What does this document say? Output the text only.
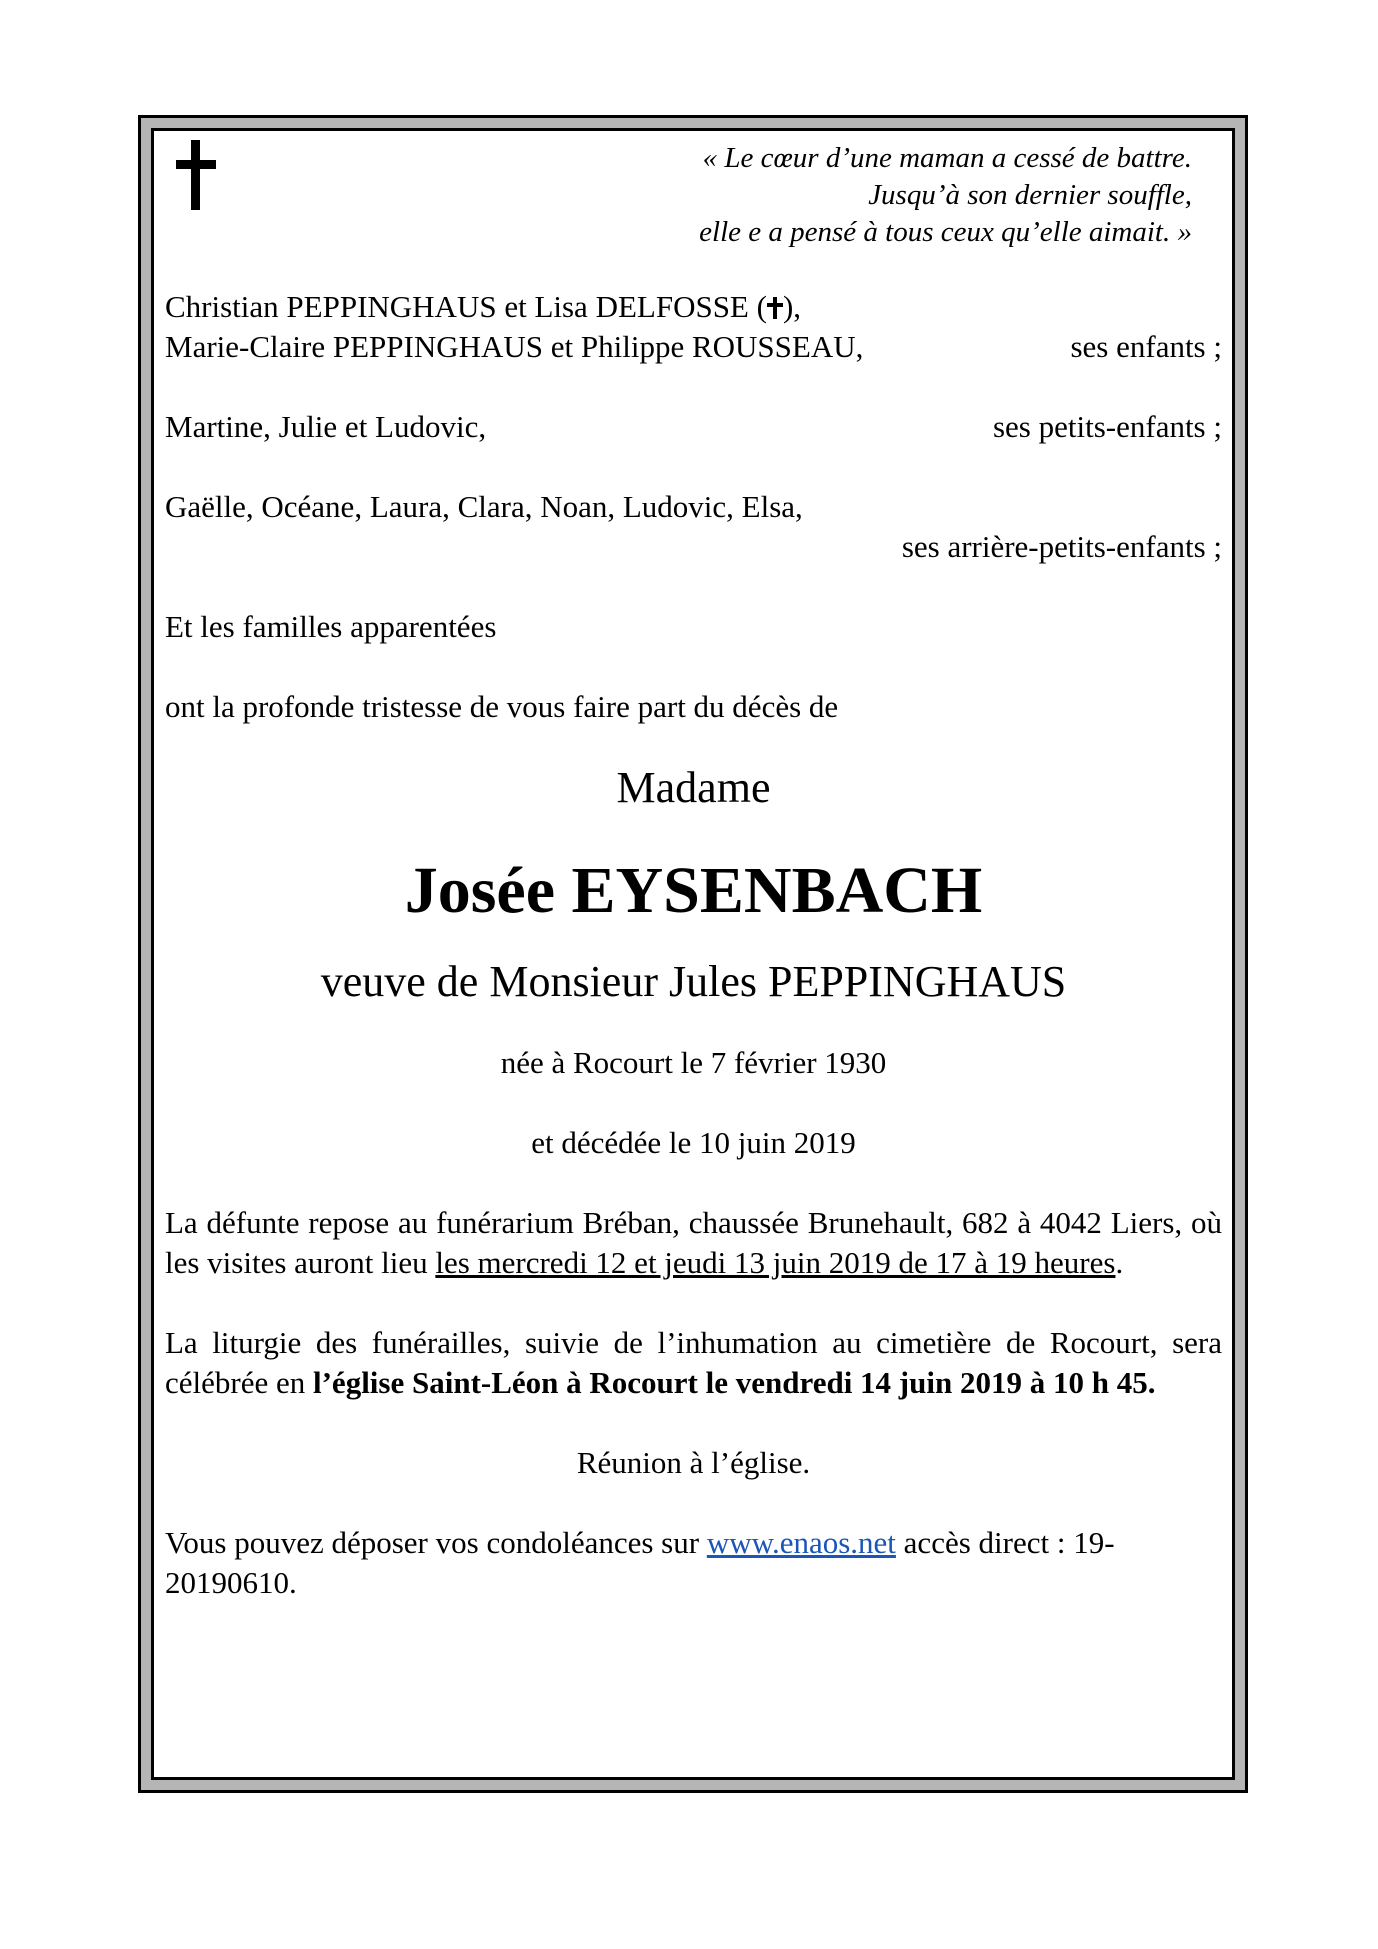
« Le cœur d’une maman a cessé de battre.
Jusqu’à son dernier souffle,
elle e a pensé à tous ceux qu’elle aimait. »
Christian PEPPINGHAUS et Lisa DELFOSSE ( ),
Marie-Claire PEPPINGHAUS et Philippe ROUSSEAU,	ses enfants ;
Martine, Julie et Ludovic,	ses petits-enfants ;
Gaëlle, Océane, Laura, Clara, Noan, Ludovic, Elsa,
ses arrière-petits-enfants ;
Et les familles apparentées
ont la profonde tristesse de vous faire part du décès de
Madame
Josée EYSENBACH
veuve de Monsieur Jules PEPPINGHAUS
née à Rocourt le 7 février 1930
et décédée le 10 juin 2019
La défunte repose au funérarium Bréban, chaussée Brunehault, 682 à 4042 Liers, où les visites auront lieu les mercredi 12 et jeudi 13 juin 2019 de 17 à 19 heures.
La liturgie des funérailles, suivie de l’inhumation au cimetière de Rocourt, sera célébrée en l’église Saint-Léon à Rocourt le vendredi 14 juin 2019 à 10 h 45.
Réunion à l’église.
Vous pouvez déposer vos condoléances sur www.enaos.net accès direct : 19-20190610.
